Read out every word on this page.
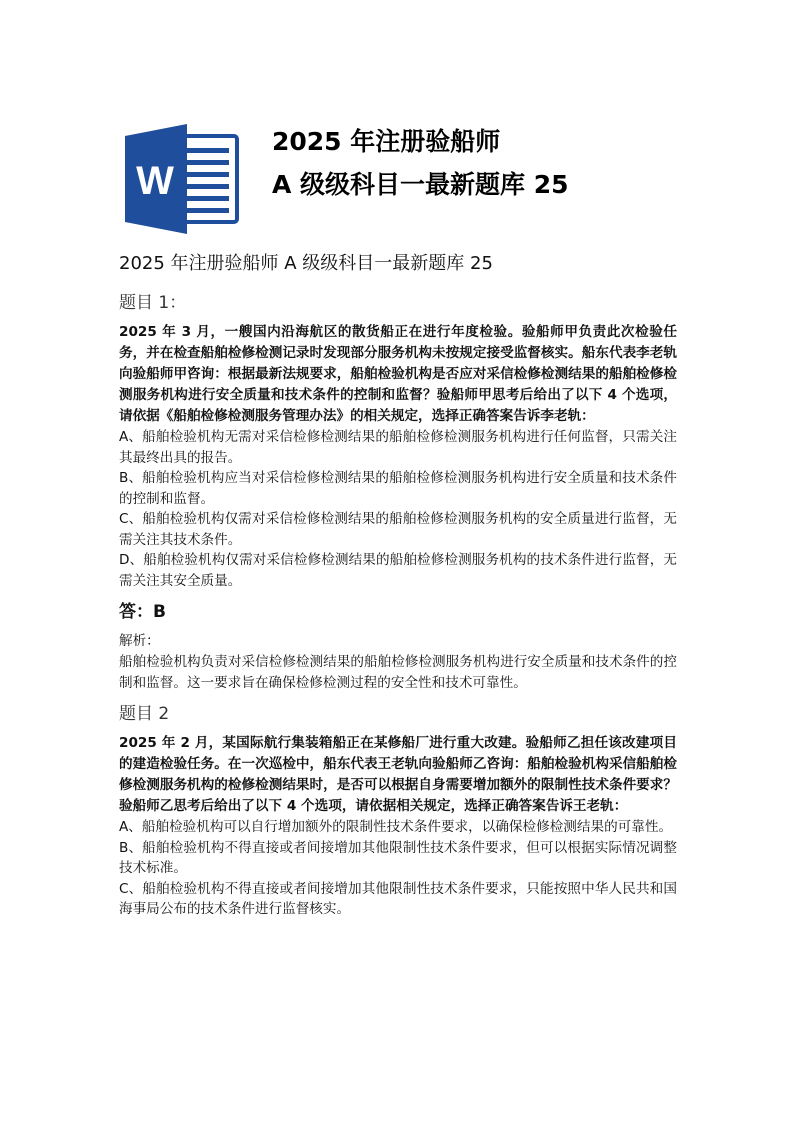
W
2025 年注册验船师
A 级级科目一最新题库 25

2025 年注册验船师 A 级级科目一最新题库 25

题目 1：

2025 年 3 月，一艘国内沿海航区的散货船正在进行年度检验。验船师甲负责此次检验任务，并在检查船舶检修检测记录时发现部分服务机构未按规定接受监督核实。船东代表李老轨向验船师甲咨询：根据最新法规要求，船舶检验机构是否应对采信检修检测结果的船舶检修检测服务机构进行安全质量和技术条件的控制和监督？验船师甲思考后给出了以下 4 个选项，请依据《船舶检修检测服务管理办法》的相关规定，选择正确答案告诉李老轨：

A、船舶检验机构无需对采信检修检测结果的船舶检修检测服务机构进行任何监督，只需关注其最终出具的报告。

B、船舶检验机构应当对采信检修检测结果的船舶检修检测服务机构进行安全质量和技术条件的控制和监督。

C、船舶检验机构仅需对采信检修检测结果的船舶检修检测服务机构的安全质量进行监督，无需关注其技术条件。

D、船舶检验机构仅需对采信检修检测结果的船舶检修检测服务机构的技术条件进行监督，无需关注其安全质量。

答：B

解析：

船舶检验机构负责对采信检修检测结果的船舶检修检测服务机构进行安全质量和技术条件的控制和监督。这一要求旨在确保检修检测过程的安全性和技术可靠性。

题目 2

2025 年 2 月，某国际航行集装箱船正在某修船厂进行重大改建。验船师乙担任该改建项目的建造检验任务。在一次巡检中，船东代表王老轨向验船师乙咨询：船舶检验机构采信船舶检修检测服务机构的检修检测结果时，是否可以根据自身需要增加额外的限制性技术条件要求？验船师乙思考后给出了以下 4 个选项，请依据相关规定，选择正确答案告诉王老轨：

A、船舶检验机构可以自行增加额外的限制性技术条件要求，以确保检修检测结果的可靠性。

B、船舶检验机构不得直接或者间接增加其他限制性技术条件要求，但可以根据实际情况调整技术标准。

C、船舶检验机构不得直接或者间接增加其他限制性技术条件要求，只能按照中华人民共和国海事局公布的技术条件进行监督核实。
